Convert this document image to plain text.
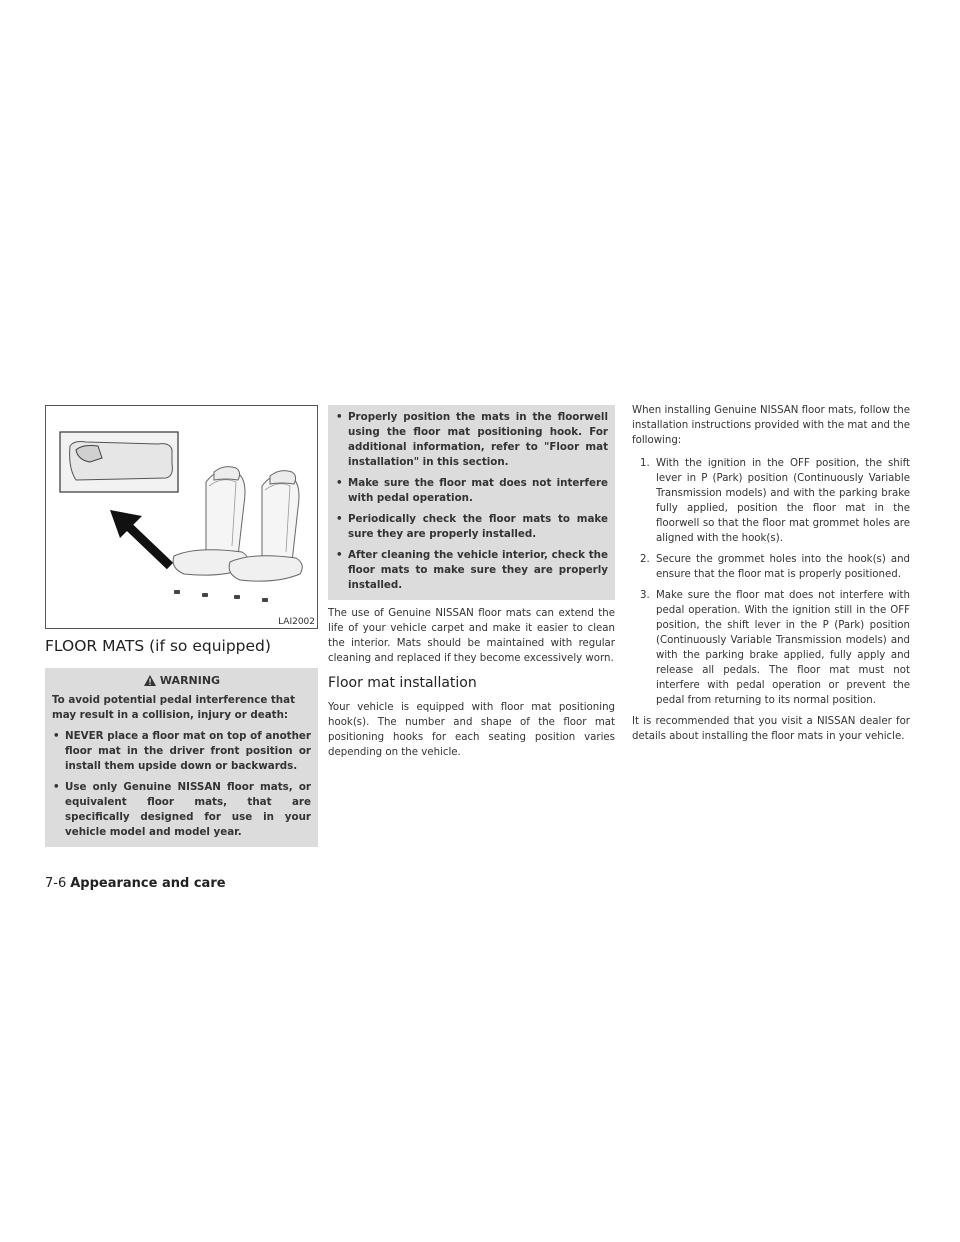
LAI2002
FLOOR MATS (if so equipped)
WARNING

To avoid potential pedal interference that may result in a collision, injury or death:

• NEVER place a floor mat on top of another floor mat in the driver front position or install them upside down or backwards.
• Use only Genuine NISSAN floor mats, or equivalent floor mats, that are specifically designed for use in your vehicle model and model year.
• Properly position the mats in the floorwell using the floor mat positioning hook. For additional information, refer to "Floor mat installation" in this section.
• Make sure the floor mat does not interfere with pedal operation.
• Periodically check the floor mats to make sure they are properly installed.
• After cleaning the vehicle interior, check the floor mats to make sure they are properly installed.

The use of Genuine NISSAN floor mats can extend the life of your vehicle carpet and make it easier to clean the interior. Mats should be maintained with regular cleaning and replaced if they become excessively worn.

Floor mat installation

Your vehicle is equipped with floor mat positioning hook(s). The number and shape of the floor mat positioning hooks for each seating position varies depending on the vehicle.

When installing Genuine NISSAN floor mats, follow the installation instructions provided with the mat and the following:

1. With the ignition in the OFF position, the shift lever in P (Park) position (Continuously Variable Transmission models) and with the parking brake fully applied, position the floor mat in the floorwell so that the floor mat grommet holes are aligned with the hook(s).
2. Secure the grommet holes into the hook(s) and ensure that the floor mat is properly positioned.
3. Make sure the floor mat does not interfere with pedal operation. With the ignition still in the OFF position, the shift lever in the P (Park) position (Continuously Variable Transmission models) and with the parking brake applied, fully apply and release all pedals. The floor mat must not interfere with pedal operation or prevent the pedal from returning to its normal position.

It is recommended that you visit a NISSAN dealer for details about installing the floor mats in your vehicle.

7-6 Appearance and care
